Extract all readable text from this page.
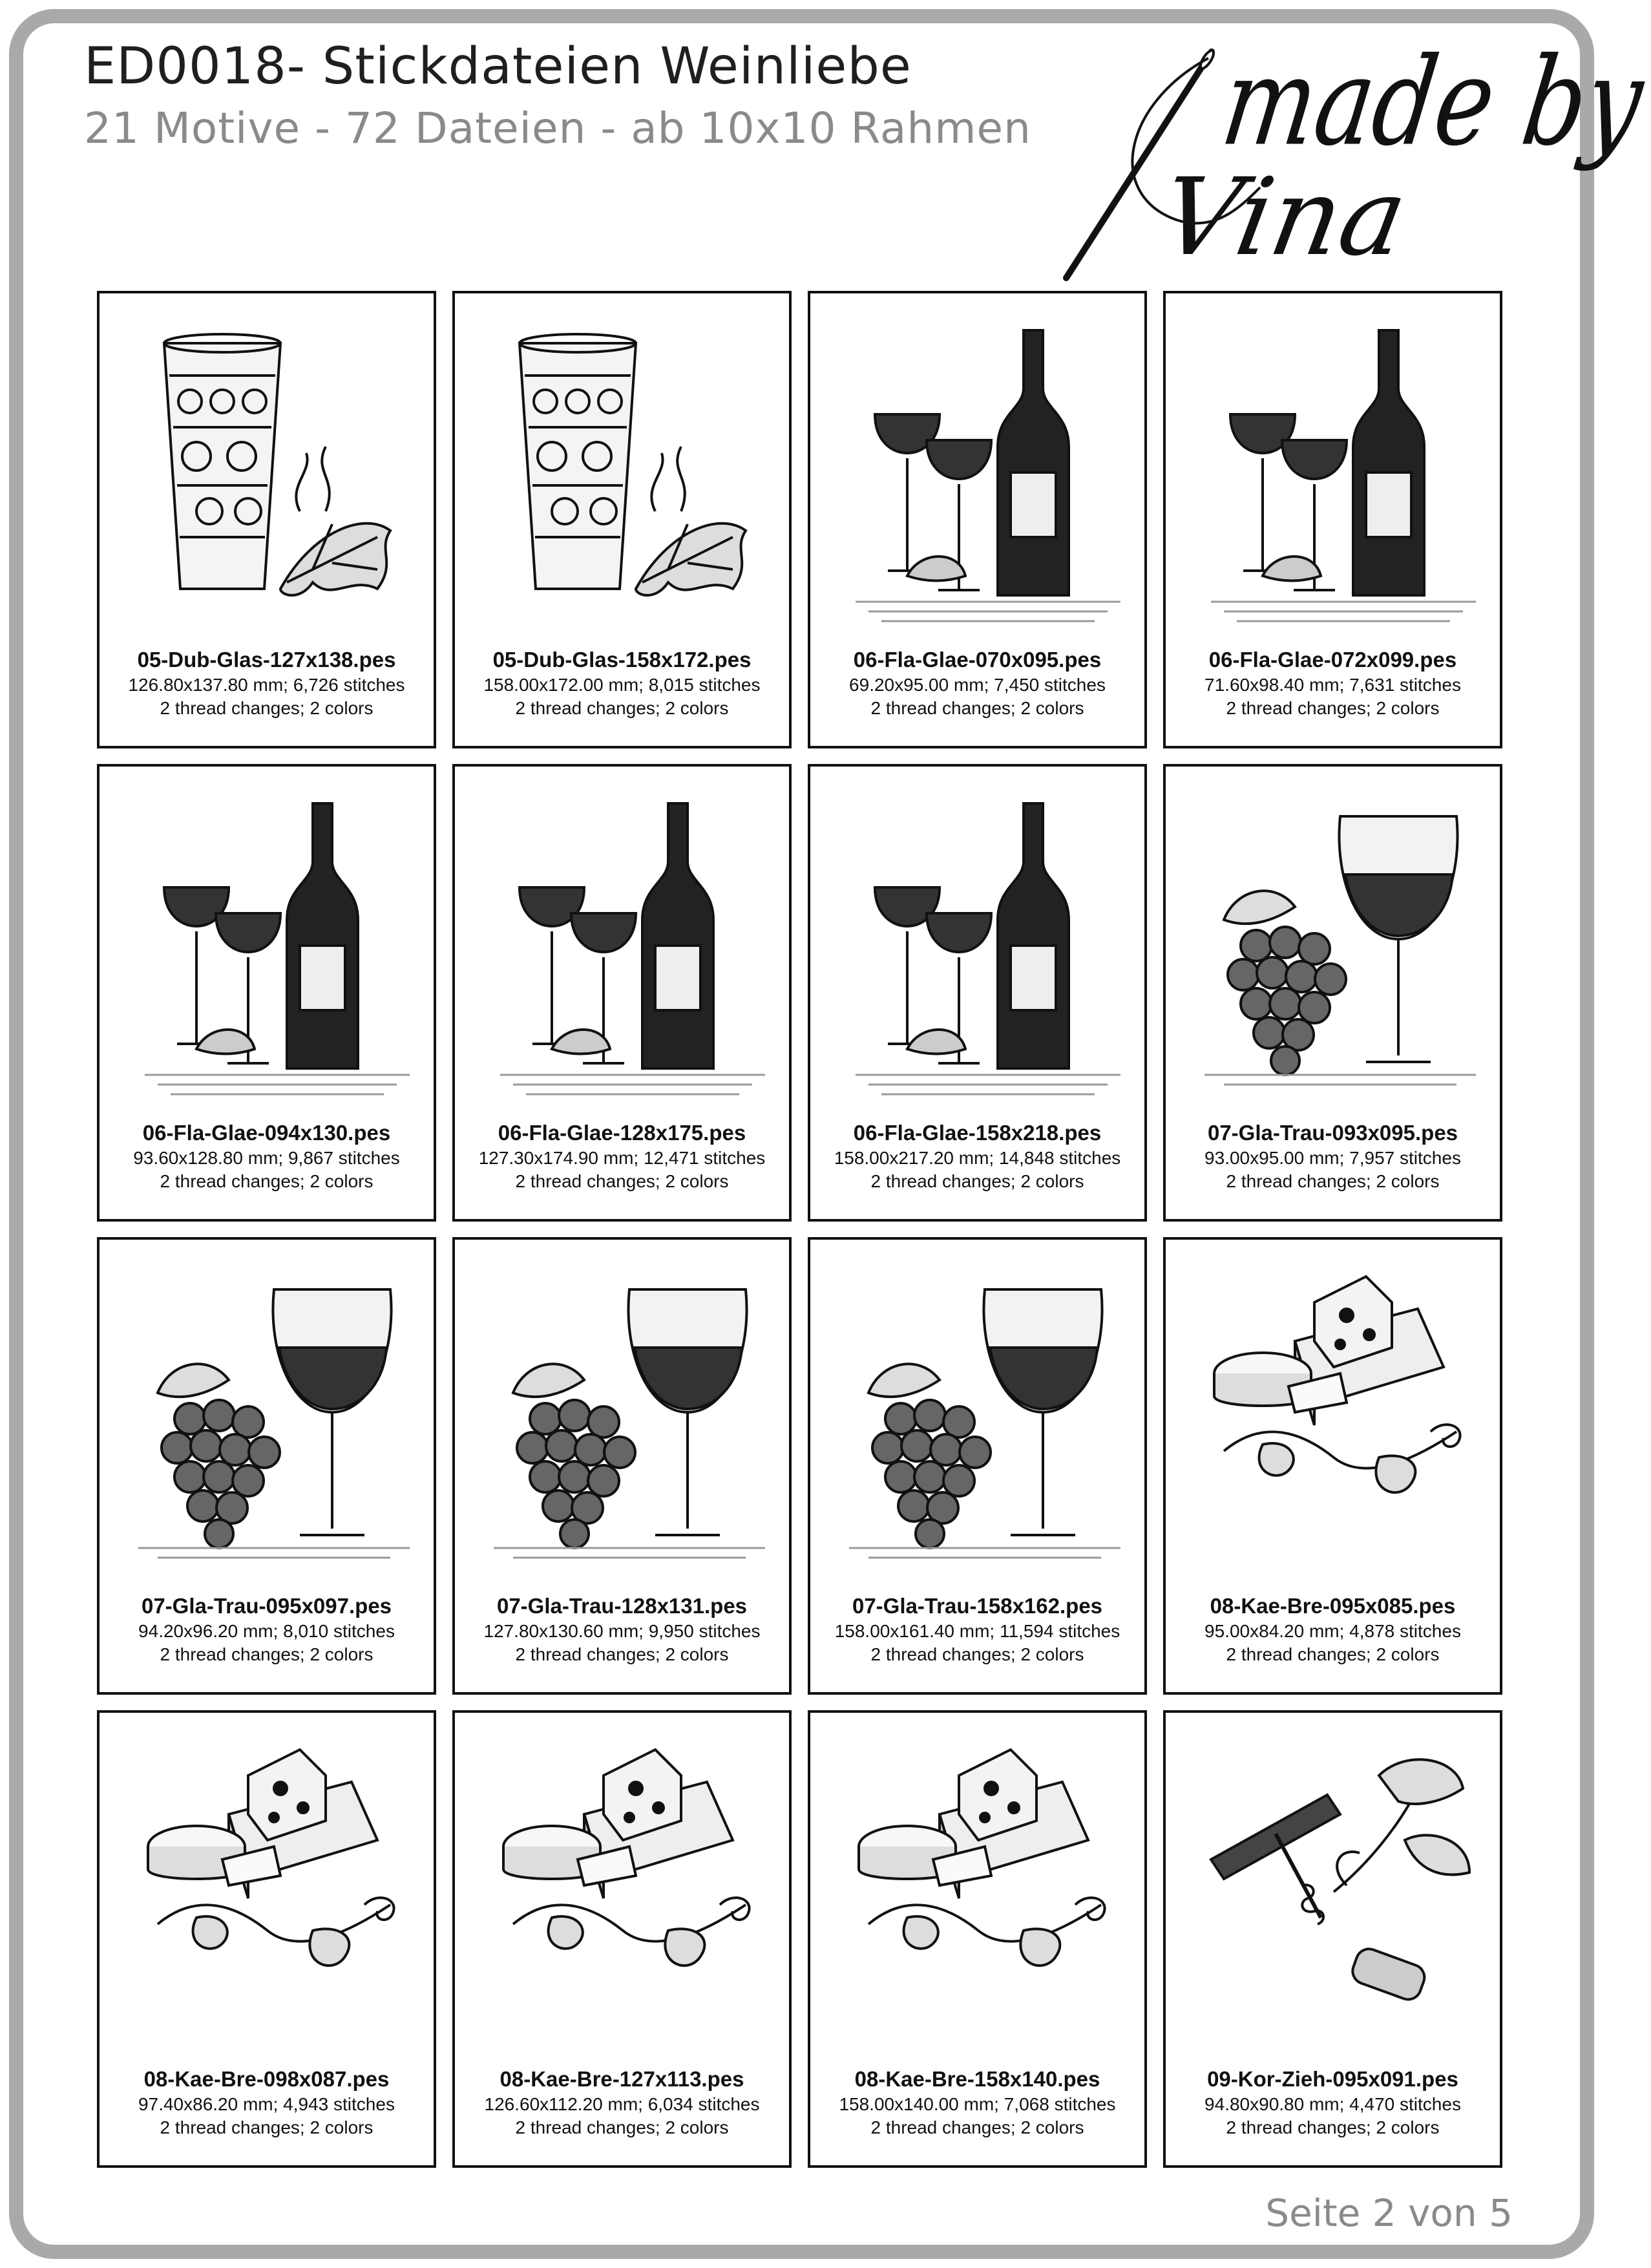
ED0018- Stickdateien Weinliebe
21 Motive - 72 Dateien - ab 10x10 Rahmen made by
Vina
05-Dub-Glas-127x138.pes
126.80x137.80 mm; 6,726 stitches
2 thread changes; 2 colors
05-Dub-Glas-158x172.pes
158.00x172.00 mm; 8,015 stitches
2 thread changes; 2 colors
06-Fla-Glae-070x095.pes
69.20x95.00 mm; 7,450 stitches
2 thread changes; 2 colors
06-Fla-Glae-072x099.pes
71.60x98.40 mm; 7,631 stitches
2 thread changes; 2 colors
06-Fla-Glae-094x130.pes
93.60x128.80 mm; 9,867 stitches
2 thread changes; 2 colors
06-Fla-Glae-128x175.pes
127.30x174.90 mm; 12,471 stitches
2 thread changes; 2 colors
06-Fla-Glae-158x218.pes
158.00x217.20 mm; 14,848 stitches
2 thread changes; 2 colors
07-Gla-Trau-093x095.pes
93.00x95.00 mm; 7,957 stitches
2 thread changes; 2 colors
07-Gla-Trau-095x097.pes
94.20x96.20 mm; 8,010 stitches
2 thread changes; 2 colors
07-Gla-Trau-128x131.pes
127.80x130.60 mm; 9,950 stitches
2 thread changes; 2 colors
07-Gla-Trau-158x162.pes
158.00x161.40 mm; 11,594 stitches
2 thread changes; 2 colors
08-Kae-Bre-095x085.pes
95.00x84.20 mm; 4,878 stitches
2 thread changes; 2 colors
08-Kae-Bre-098x087.pes
97.40x86.20 mm; 4,943 stitches
2 thread changes; 2 colors
08-Kae-Bre-127x113.pes
126.60x112.20 mm; 6,034 stitches
2 thread changes; 2 colors
08-Kae-Bre-158x140.pes
158.00x140.00 mm; 7,068 stitches
2 thread changes; 2 colors
09-Kor-Zieh-095x091.pes
94.80x90.80 mm; 4,470 stitches
2 thread changes; 2 colors
Seite 2 von 5
